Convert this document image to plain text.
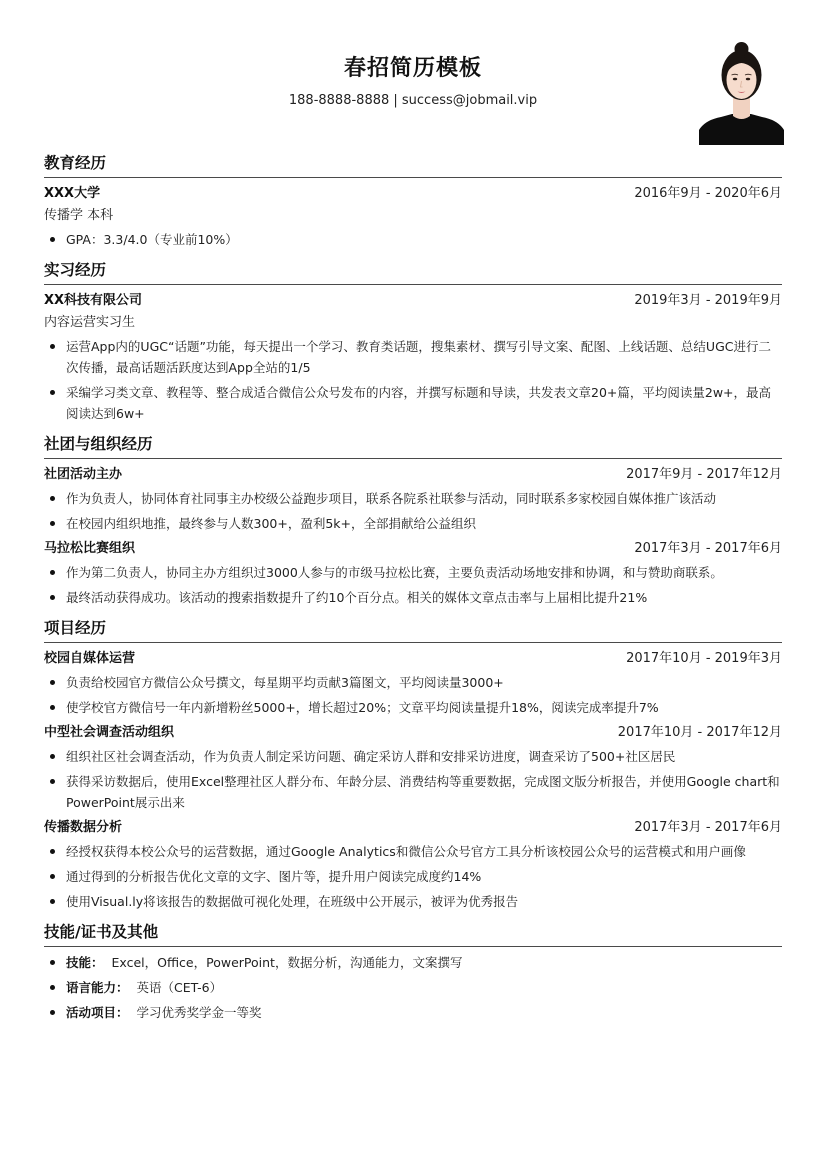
春招简历模板
188-8888-8888 | success@jobmail.vip
教育经历
XXX大学	2016年9月 - 2020年6月
传播学 本科
GPA：3.3/4.0（专业前10%）
实习经历
XX科技有限公司	2019年3月 - 2019年9月
内容运营实习生
运营App内的UGC“话题”功能，每天提出一个学习、教育类话题，搜集素材、撰写引导文案、配图、上线话题、总结UGC进行二次传播，最高话题活跃度达到App全站的1/5
采编学习类文章、教程等、整合成适合微信公众号发布的内容，并撰写标题和导读，共发表文章20+篇，平均阅读量2w+，最高阅读达到6w+
社团与组织经历
社团活动主办	2017年9月 - 2017年12月
作为负责人，协同体育社同事主办校级公益跑步项目，联系各院系社联参与活动，同时联系多家校园自媒体推广该活动
在校园内组织地推，最终参与人数300+，盈利5k+，全部捐献给公益组织
马拉松比赛组织	2017年3月 - 2017年6月
作为第二负责人，协同主办方组织过3000人参与的市级马拉松比赛，主要负责活动场地安排和协调，和与赞助商联系。
最终活动获得成功。该活动的搜索指数提升了约10个百分点。相关的媒体文章点击率与上届相比提升21%
项目经历
校园自媒体运营	2017年10月 - 2019年3月
负责给校园官方微信公众号撰文，每星期平均贡献3篇图文，平均阅读量3000+
使学校官方微信号一年内新增粉丝5000+，增长超过20%；文章平均阅读量提升18%，阅读完成率提升7%
中型社会调查活动组织	2017年10月 - 2017年12月
组织社区社会调查活动，作为负责人制定采访问题、确定采访人群和安排采访进度，调查采访了500+社区居民
获得采访数据后，使用Excel整理社区人群分布、年龄分层、消费结构等重要数据，完成图文版分析报告，并使用Google chart和PowerPoint展示出来
传播数据分析	2017年3月 - 2017年6月
经授权获得本校公众号的运营数据，通过Google Analytics和微信公众号官方工具分析该校园公众号的运营模式和用户画像
通过得到的分析报告优化文章的文字、图片等，提升用户阅读完成度约14%
使用Visual.ly将该报告的数据做可视化处理，在班级中公开展示，被评为优秀报告
技能/证书及其他
技能： Excel，Office，PowerPoint，数据分析，沟通能力，文案撰写
语言能力： 英语（CET-6）
活动项目： 学习优秀奖学金一等奖
